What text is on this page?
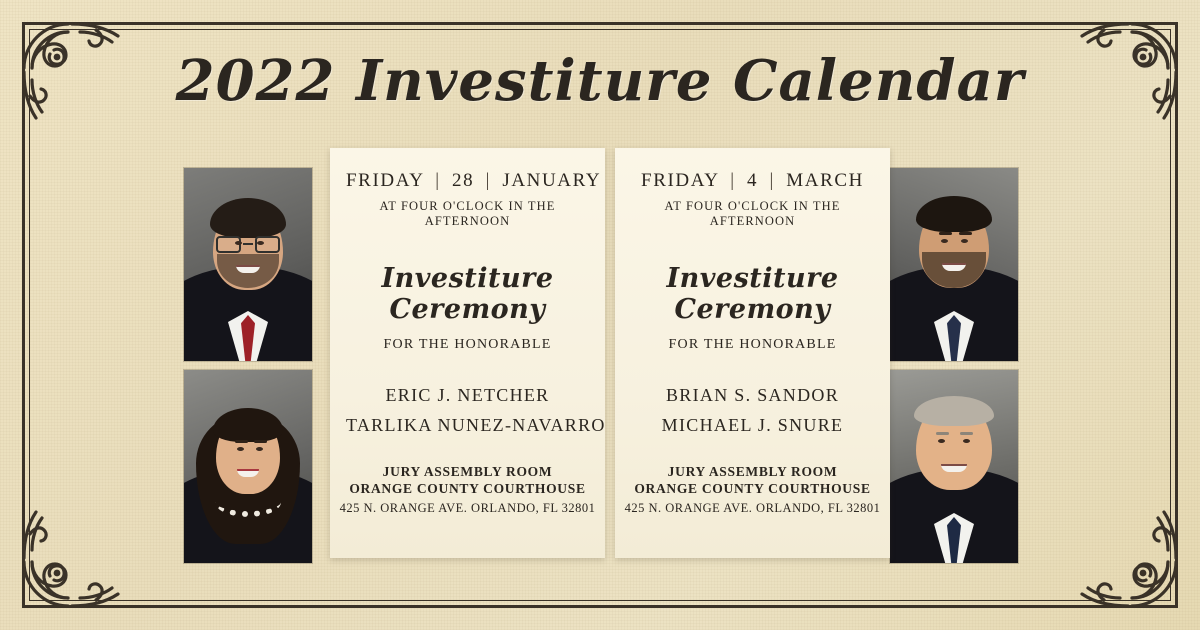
2022 Investiture Calendar
FRIDAY | 28 | JANUARY
AT FOUR O'CLOCK IN THE AFTERNOON
Investiture Ceremony
FOR THE HONORABLE
ERIC J. NETCHER
TARLIKA NUNEZ-NAVARRO
JURY ASSEMBLY ROOM
ORANGE COUNTY COURTHOUSE
425 N. ORANGE AVE. ORLANDO, FL 32801
FRIDAY | 4 | MARCH
AT FOUR O'CLOCK IN THE AFTERNOON
Investiture Ceremony
FOR THE HONORABLE
BRIAN S. SANDOR
MICHAEL J. SNURE
JURY ASSEMBLY ROOM
ORANGE COUNTY COURTHOUSE
425 N. ORANGE AVE. ORLANDO, FL 32801
